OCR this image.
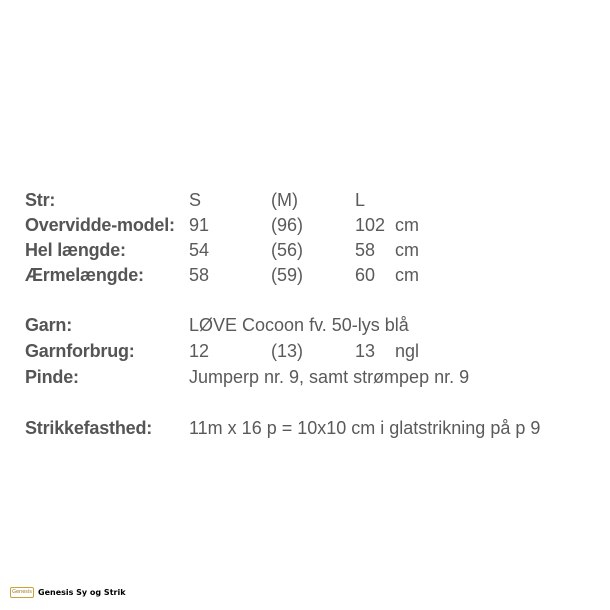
Str:	S	(M)	L
Overvidde-model: 91	(96)	102 cm
Hel længde:	54	(56)	58 cm
Ærmelængde:	58	(59)	60 cm
Garn:	LØVE Cocoon fv. 50-lys blå
Garnforbrug:	12	(13)	13 ngl
Pinde:	Jumperp nr. 9, samt strømpep nr. 9
Strikkefasthed: 11m x 16 p = 10x10 cm i glatstrikning på p 9
Genesis Genesis Sy og Strik
